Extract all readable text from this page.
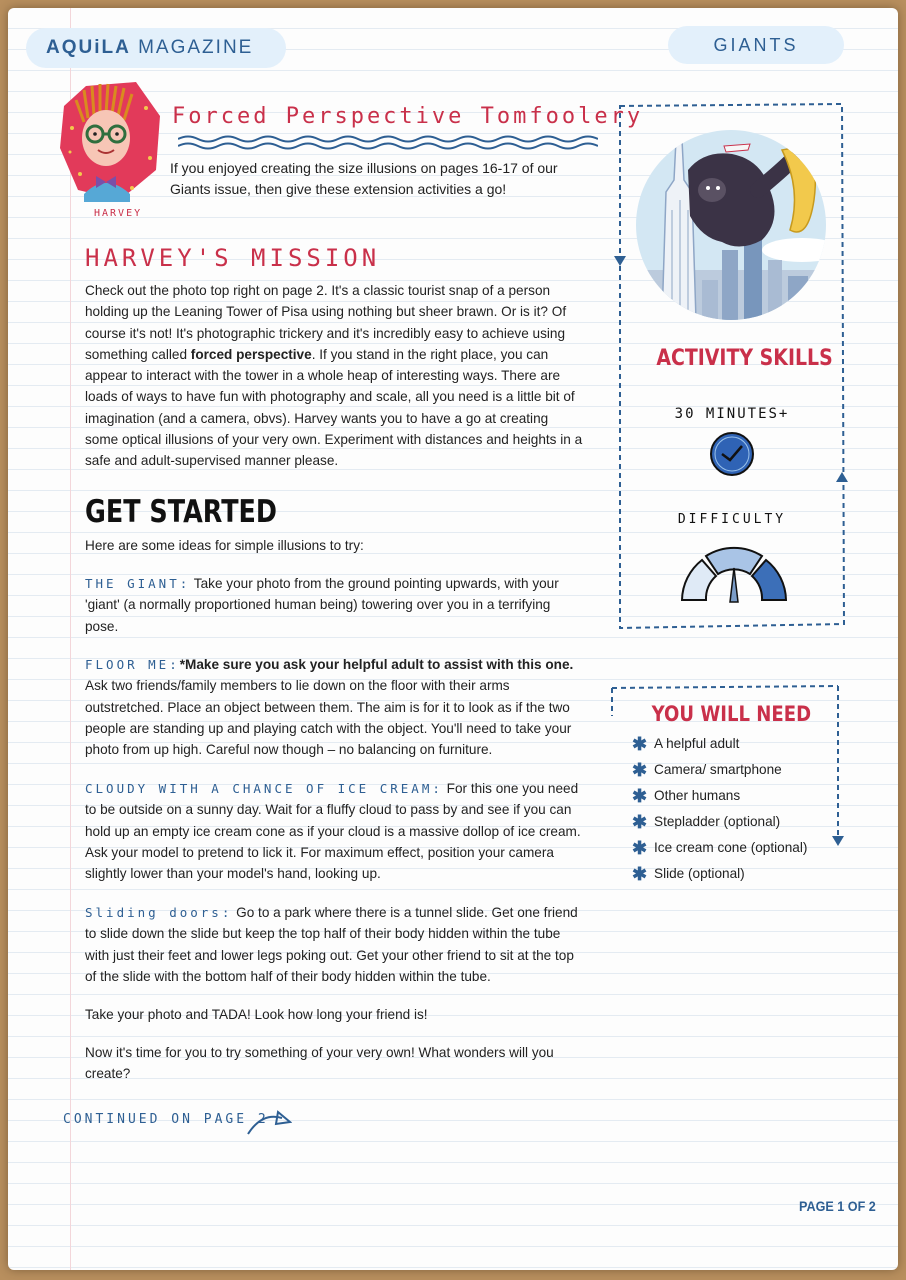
AQUiLA MAGAZINE	GIANTS
HARVEY
Forced Perspective Tomfoolery
If you enjoyed creating the size illusions on pages 16-17 of our Giants issue, then give these extension activities a go!
HARVEY'S MISSION
Check out the photo top right on page 2. It's a classic tourist snap of a person holding up the Leaning Tower of Pisa using nothing but sheer brawn. Or is it? Of course it's not! It's photographic trickery and it's incredibly easy to achieve using something called forced perspective. If you stand in the right place, you can appear to interact with the tower in a whole heap of interesting ways. There are loads of ways to have fun with photography and scale, all you need is a little bit of imagination (and a camera, obvs). Harvey wants you to have a go at creating some optical illusions of your very own. Experiment with distances and heights in a safe and adult-supervised manner please.
GET STARTED
Here are some ideas for simple illusions to try:
THE GIANT: Take your photo from the ground pointing upwards, with your 'giant' (a normally proportioned human being) towering over you in a terrifying pose.
FLOOR ME:*Make sure you ask your helpful adult to assist with this one. Ask two friends/family members to lie down on the floor with their arms outstretched. Place an object between them. The aim is for it to look as if the two people are standing up and playing catch with the object. You'll need to take your photo from up high. Careful now though – no balancing on furniture.
CLOUDY WITH A CHANCE OF ICE CREAM: For this one you need to be outside on a sunny day. Wait for a fluffy cloud to pass by and see if you can hold up an empty ice cream cone as if your cloud is a massive dollop of ice cream. Ask your model to pretend to lick it. For maximum effect, position your camera slightly lower than your model's hand, looking up.
Sliding doors: Go to a park where there is a tunnel slide. Get one friend to slide down the slide but keep the top half of their body hidden within the tube with just their feet and lower legs poking out. Get your other friend to sit at the top of the slide with the bottom half of their body hidden within the tube.
Take your photo and TADA! Look how long your friend is!
Now it's time for you to try something of your very own! What wonders will you create?
CONTINUED ON PAGE 2
PAGE 1 OF 2
ACTIVITY SKILLS
30 MINUTES+
DIFFICULTY
YOU WILL NEED
✱ A helpful adult
✱ Camera/ smartphone
✱ Other humans
✱ Stepladder (optional)
✱ Ice cream cone (optional)
✱ Slide (optional)
